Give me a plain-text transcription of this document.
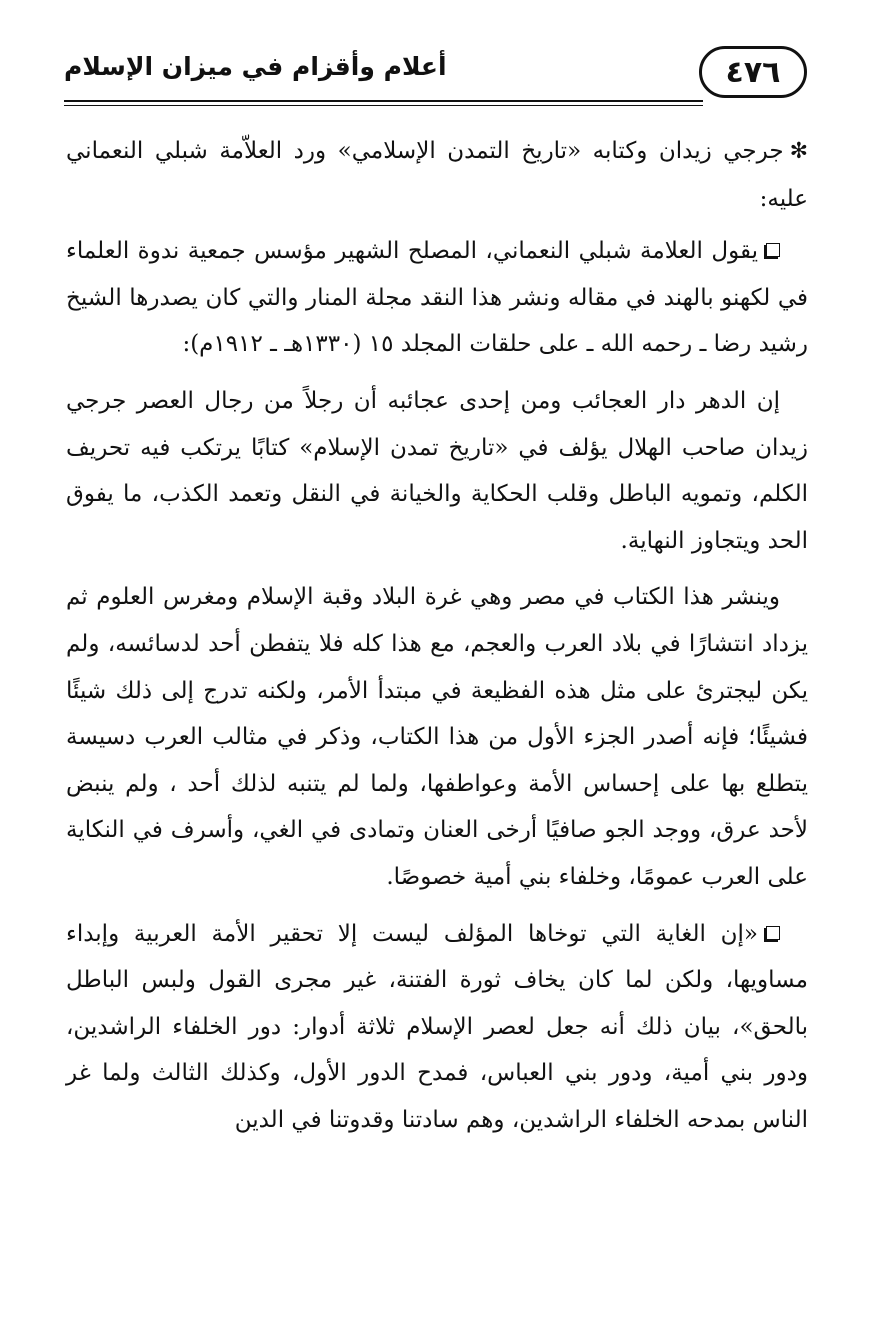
٤٧٦
أعلام وأقزام في ميزان الإسلام

✻جرجي زيدان وكتابه «تاريخ التمدن الإسلامي» ورد العلاّمة شبلي النعماني عليه:

يقول العلامة شبلي النعماني، المصلح الشهير مؤسس جمعية ندوة العلماء في لكهنو بالهند في مقاله ونشر هذا النقد مجلة المنار والتي كان يصدرها الشيخ رشيد رضا ـ رحمه الله ـ على حلقات المجلد ١٥ (١٣٣٠هـ ـ ١٩١٢م):

إن الدهر دار العجائب ومن إحدى عجائبه أن رجلاً من رجال العصر جرجي زيدان صاحب الهلال يؤلف في «تاريخ تمدن الإسلام» كتابًا يرتكب فيه تحريف الكلم، وتمويه الباطل وقلب الحكاية والخيانة في النقل وتعمد الكذب، ما يفوق الحد ويتجاوز النهاية.

وينشر هذا الكتاب في مصر وهي غرة البلاد وقبة الإسلام ومغرس العلوم ثم يزداد انتشارًا في بلاد العرب والعجم، مع هذا كله فلا يتفطن أحد لدسائسه، ولم يكن ليجترئ على مثل هذه الفظيعة في مبتدأ الأمر، ولكنه تدرج إلى ذلك شيئًا فشيئًا؛ فإنه أصدر الجزء الأول من هذا الكتاب، وذكر في مثالب العرب دسيسة يتطلع بها على إحساس الأمة وعواطفها، ولما لم يتنبه لذلك أحد ، ولم ينبض لأحد عرق، ووجد الجو صافيًا أرخى العنان وتمادى في الغي، وأسرف في النكاية على العرب عمومًا، وخلفاء بني أمية خصوصًا.

«إن الغاية التي توخاها المؤلف ليست إلا تحقير الأمة العربية وإبداء مساويها، ولكن لما كان يخاف ثورة الفتنة، غير مجرى القول ولبس الباطل بالحق»، بيان ذلك أنه جعل لعصر الإسلام ثلاثة أدوار: دور الخلفاء الراشدين، ودور بني أمية، ودور بني العباس، فمدح الدور الأول، وكذلك الثالث ولما غر الناس بمدحه الخلفاء الراشدين، وهم سادتنا وقدوتنا في الدين
